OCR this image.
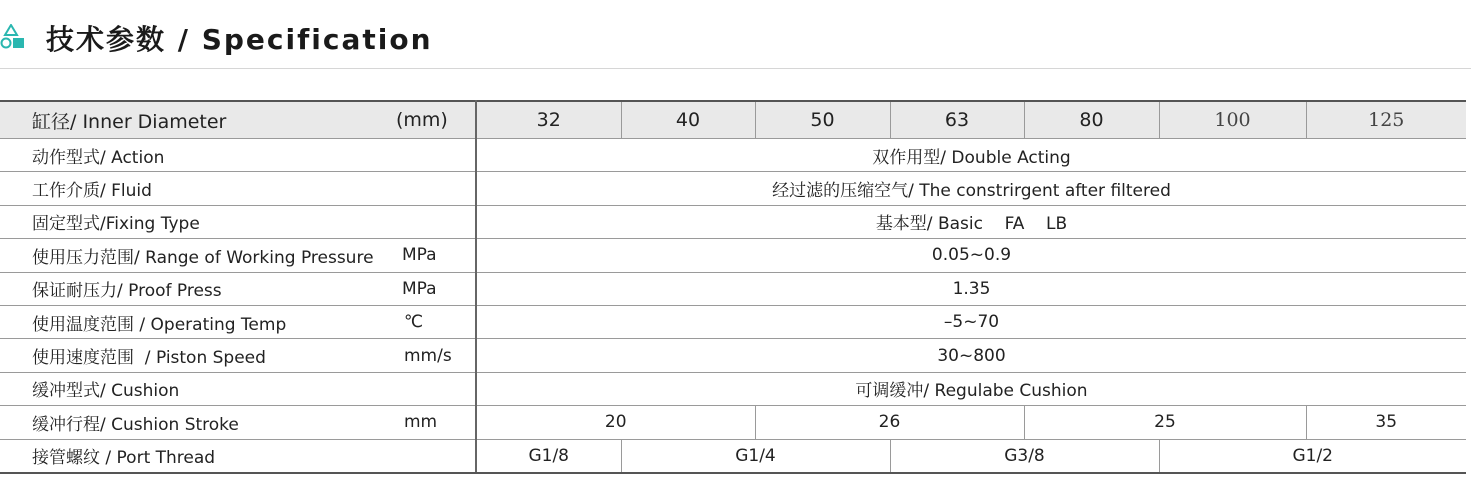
技术参数 / Specification
缸径/ Inner Diameter (mm)	32	40	50	63	80	100	125
动作型式/ Action	双作用型/ Double Acting						
工作介质/ Fluid	经过滤的压缩空气/ The constrirgent after filtered						
固定型式/Fixing Type	基本型/ Basic    FA    LB						
使用压力范围/ Range of Working Pressure MPa	0.05~0.9						
保证耐压力/ Proof Press MPa	1.35						
使用温度范围 / Operating Temp ℃	–5~70						
使用速度范围  / Piston Speed mm/s	30~800						
缓冲型式/ Cushion	可调缓冲/ Regulabe Cushion						
缓冲行程/ Cushion Stroke mm	20		26		25		35
接管螺纹 / Port Thread	G1/8	G1/4		G3/8		G1/2	
